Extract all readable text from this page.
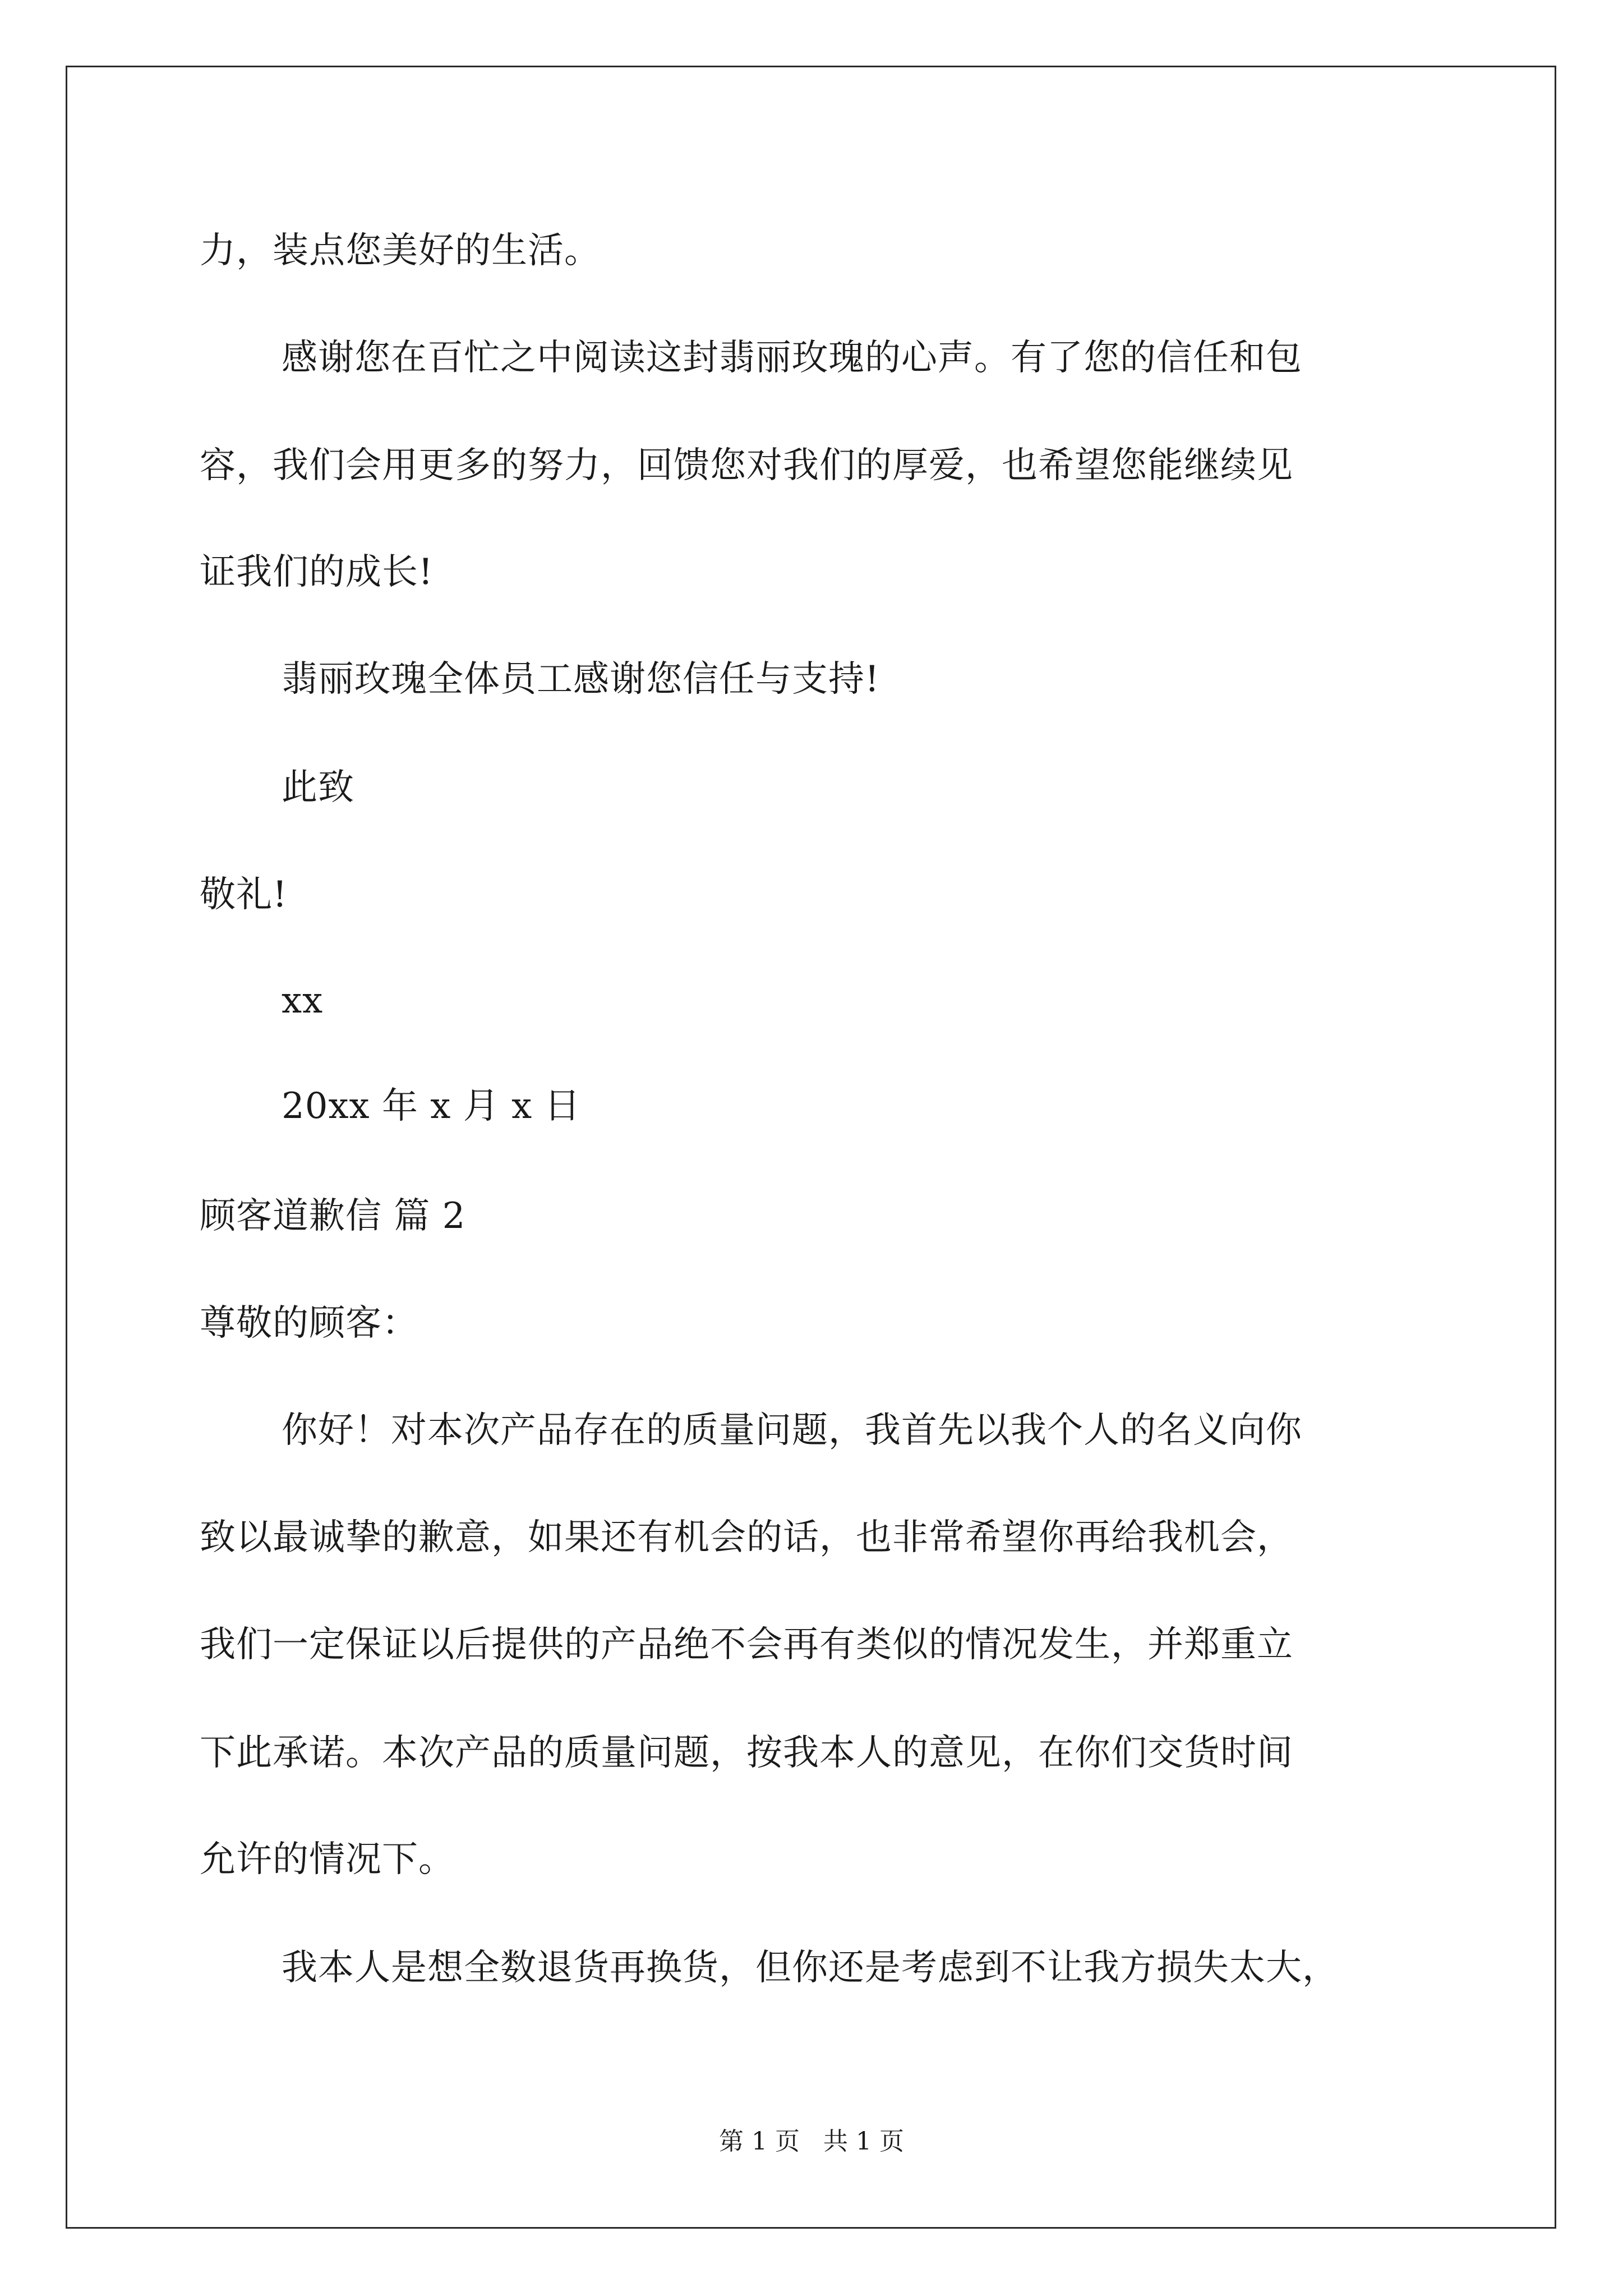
力，装点您美好的生活。
感谢您在百忙之中阅读这封翡丽玫瑰的心声。有了您的信任和包
容，我们会用更多的努力，回馈您对我们的厚爱，也希望您能继续见
证我们的成长!
翡丽玫瑰全体员工感谢您信任与支持!
此致
敬礼!
xx
20xx 年 x 月 x 日
顾客道歉信 篇 2
尊敬的顾客：
你好！对本次产品存在的质量问题，我首先以我个人的名义向你
致以最诚挚的歉意，如果还有机会的话，也非常希望你再给我机会，
我们一定保证以后提供的产品绝不会再有类似的情况发生，并郑重立
下此承诺。本次产品的质量问题，按我本人的意见，在你们交货时间
允许的情况下。
我本人是想全数退货再换货，但你还是考虑到不让我方损失太大，
第 1 页   共 1 页
